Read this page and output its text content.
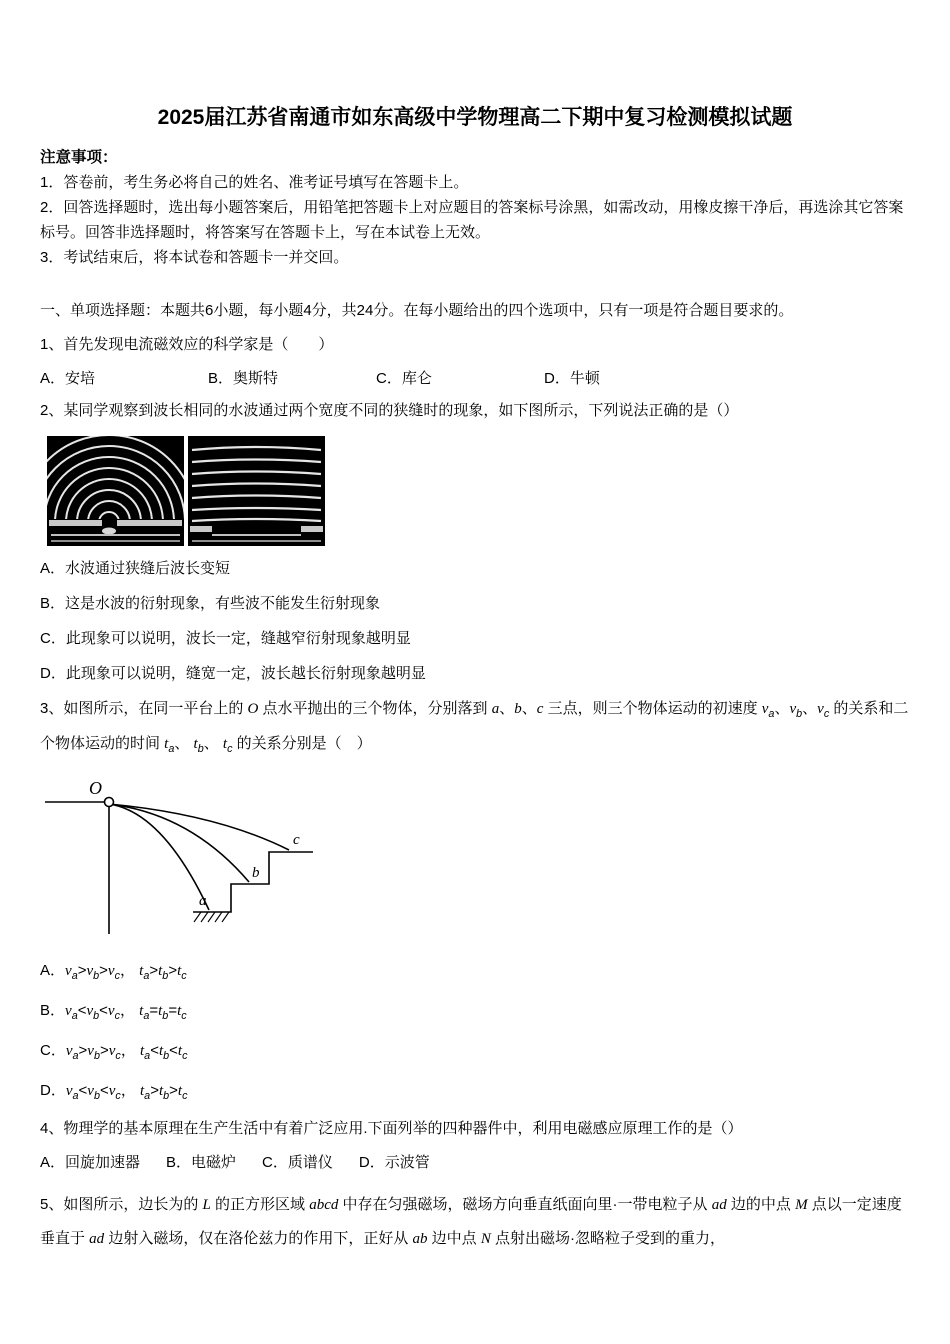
2025届江苏省南通市如东高级中学物理高二下期中复习检测模拟试题
注意事项：
1．答卷前，考生务必将自己的姓名、准考证号填写在答题卡上。
2．回答选择题时，选出每小题答案后，用铅笔把答题卡上对应题目的答案标号涂黑，如需改动，用橡皮擦干净后，再选涂其它答案标号。回答非选择题时，将答案写在答题卡上，写在本试卷上无效。
3．考试结束后，将本试卷和答题卡一并交回。
一、单项选择题：本题共6小题，每小题4分，共24分。在每小题给出的四个选项中，只有一项是符合题目要求的。
1、首先发现电流磁效应的科学家是（　　）
A．安培	B．奥斯特	C．库仑	D．牛顿
2、某同学观察到波长相同的水波通过两个宽度不同的狭缝时的现象，如下图所示，下列说法正确的是（）
A．水波通过狭缝后波长变短
B．这是水波的衍射现象，有些波不能发生衍射现象
C．此现象可以说明，波长一定，缝越窄衍射现象越明显
D．此现象可以说明，缝宽一定，波长越长衍射现象越明显
3、如图所示，在同一平台上的 O 点水平抛出的三个物体，分别落到 a、b、c 三点，则三个物体运动的初速度 $v_a$、$v_b$、$v_c$ 的关系和二个物体运动的时间 $t_a$、 $t_b$、 $t_c$ 的关系分别是（　）
O
a
b
c
A．$v_a>v_b>v_c$， $t_a>t_b>t_c$
B．$v_a<v_b<v_c$， $t_a=t_b=t_c$
C．$v_a>v_b>v_c$， $t_a<t_b<t_c$
D．$v_a<v_b<v_c$， $t_a>t_b>t_c$
4、物理学的基本原理在生产生活中有着广泛应用.下面列举的四种器件中，利用电磁感应原理工作的是（）
A．回旋加速器 B．电磁炉 C．质谱仪 D．示波管
5、如图所示，边长为的 L 的正方形区域 abcd 中存在匀强磁场，磁场方向垂直纸面向里·一带电粒子从 ad 边的中点 M 点以一定速度垂直于 ad 边射入磁场，仅在洛伦兹力的作用下，正好从 ab 边中点 N 点射出磁场·忽略粒子受到的重力，
